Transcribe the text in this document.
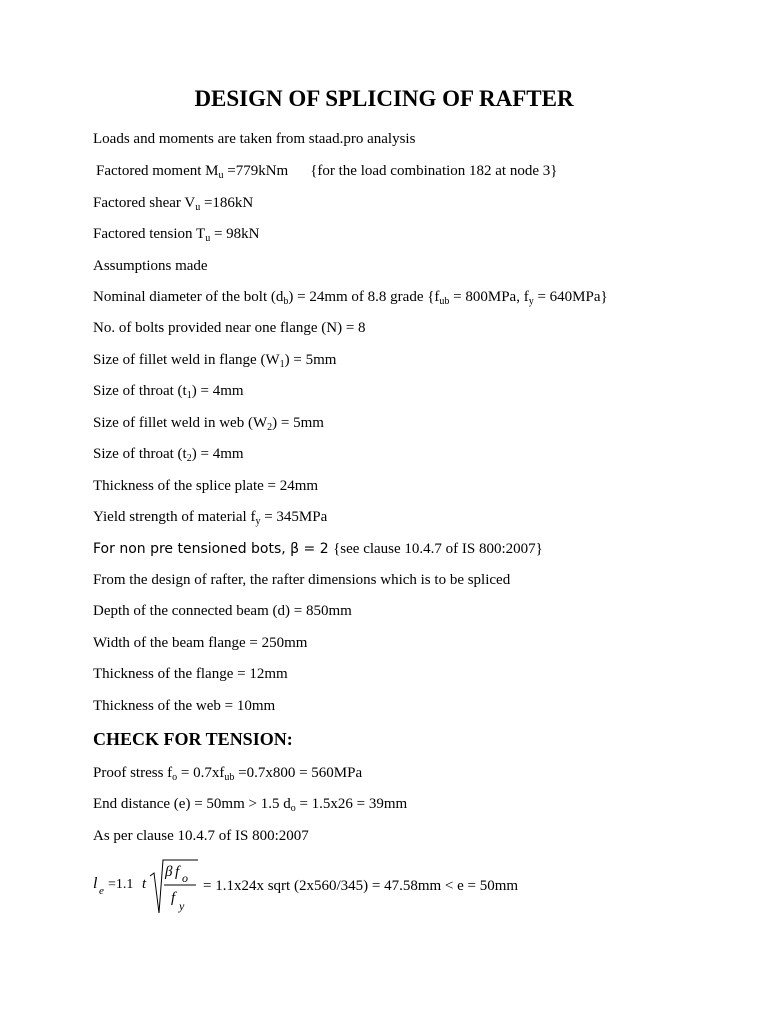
DESIGN OF SPLICING OF RAFTER
Loads and moments are taken from staad.pro analysis
Factored moment $M_u =779kNm$ {for the load combination 182 at node 3}
Factored shear $V_u =186kN$
Factored tension $T_u = 98kN$
Assumptions made
Nominal diameter of the bolt $(d_b) = 24mm$ of 8.8 grade {$f_{ub} = 800MPa$, $f_y = 640MPa$}
No. of bolts provided near one flange (N) = 8
Size of fillet weld in flange $(W_1) = 5mm$
Size of throat $(t_1) = 4mm$
Size of fillet weld in web $(W_2) = 5mm$
Size of throat $(t_2) = 4mm$
Thickness of the splice plate = 24mm
Yield strength of material $f_y = 345MPa$
For non pre tensioned bots, β = 2 {see clause 10.4.7 of IS 800:2007}
From the design of rafter, the rafter dimensions which is to be spliced
Depth of the connected beam (d) = 850mm
Width of the beam flange = 250mm
Thickness of the flange = 12mm
Thickness of the web = 10mm
CHECK FOR TENSION:
Proof stress $f_o = 0.7xf_{ub} =0.7x800 = 560MPa$
End distance (e) = 50mm > 1.5 $d_o = 1.5x26 = 39mm$
As per clause 10.4.7 of IS 800:2007
l e =1.1 t
β f o
f y
= 1.1x24x sqrt (2x560/345) = 47.58mm < e = 50mm
